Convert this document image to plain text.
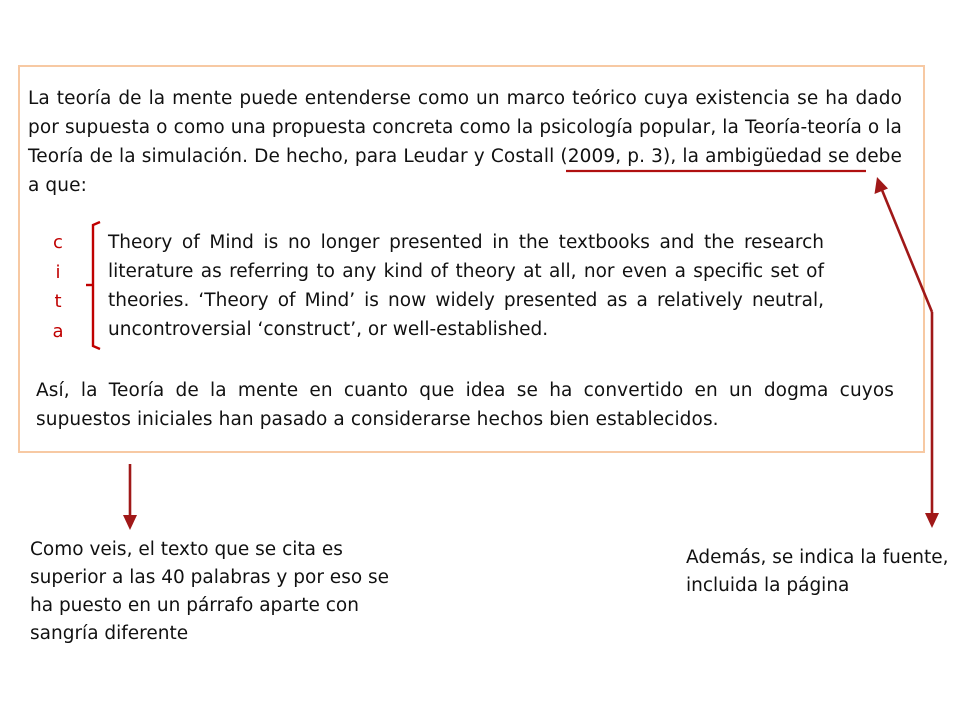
La teoría de la mente puede entenderse como un marco teórico cuya existencia se ha dado por supuesta o como una propuesta concreta como la psicología popular, la Teoría-teoría o la Teoría de la simulación. De hecho, para Leudar y Costall (2009, p. 3), la ambigüedad se debe a que:

c
i
t
a

Theory of Mind is no longer presented in the textbooks and the research literature as referring to any kind of theory at all, nor even a specific set of theories. ‘Theory of Mind’ is now widely presented as a relatively neutral, uncontroversial ‘construct’, or well-established.

Así, la Teoría de la mente en cuanto que idea se ha convertido en un dogma cuyos supuestos iniciales han pasado a considerarse hechos bien establecidos.

Como veis, el texto que se cita es superior a las 40 palabras y por eso se ha puesto en un párrafo aparte con sangría diferente

Además, se indica la fuente, incluida la página
